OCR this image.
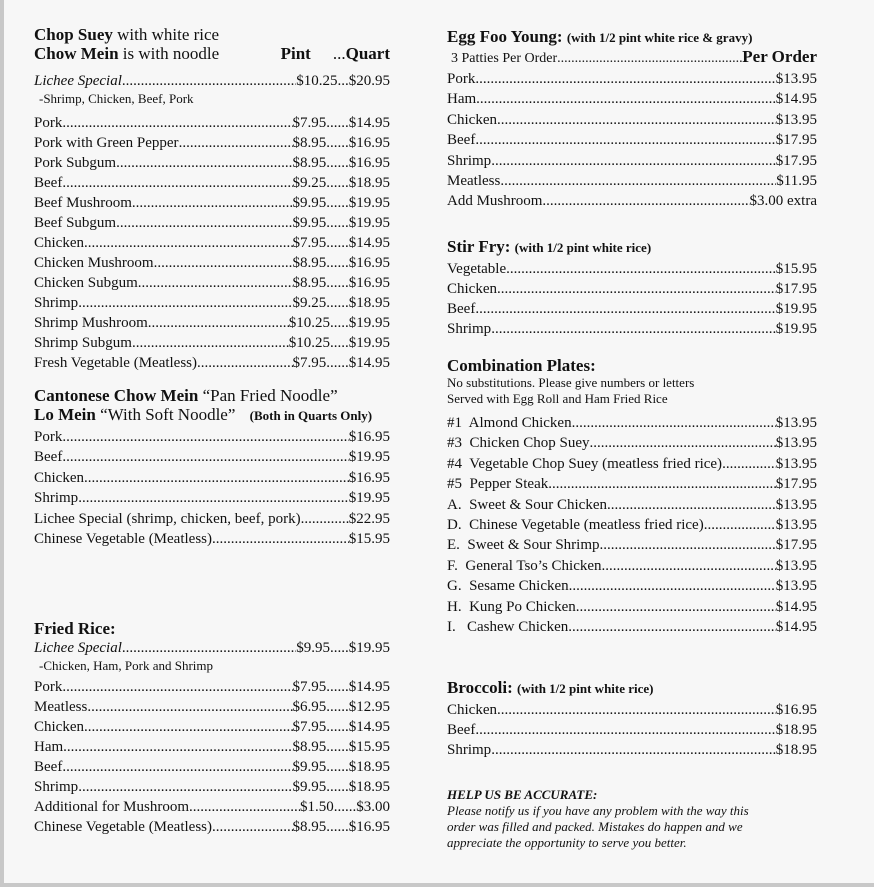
Chop Suey with white rice
Chow Mein
is with noodle	Pint ... Quart
Lichee Special .....	$10.25 ... $20.95
-Shrimp, Chicken, Beef, Pork
Pork .....	$7.95 ...... $14.95
Pork with Green Pepper .....	$8.95 ...... $16.95
Pork Subgum .....	$8.95 ...... $16.95
Beef .....	$9.25 ...... $18.95
Beef Mushroom .....	$9.95 ...... $19.95
Beef Subgum .....	$9.95 ...... $19.95
Chicken .....	$7.95 ...... $14.95
Chicken Mushroom .....	$8.95 ...... $16.95
Chicken Subgum .....	$8.95 ...... $16.95
Shrimp .....	$9.25 ...... $18.95
Shrimp Mushroom .....	$10.25 ..... $19.95
Shrimp Subgum .....	$10.25 ..... $19.95
Fresh Vegetable (Meatless) .....	$7.95 ...... $14.95
Cantonese Chow Mein “Pan Fried Noodle”
Lo Mein “With Soft Noodle” (Both in Quarts Only)
Pork .....	$16.95
Beef .....	$19.95
Chicken .....	$16.95
Shrimp .....	$19.95
Lichee Special (shrimp, chicken, beef, pork) .....	$22.95
Chinese Vegetable (Meatless) .....	$15.95
Fried Rice:
Lichee Special .....	$9.95 ..... $19.95
-Chicken, Ham, Pork and Shrimp
Pork .....	$7.95 ...... $14.95
Meatless .....	$6.95 ...... $12.95
Chicken .....	$7.95 ...... $14.95
Ham .....	$8.95 ...... $15.95
Beef .....	$9.95 ...... $18.95
Shrimp .....	$9.95 ...... $18.95
Additional for Mushroom .....	$1.50 ...... $3.00
Chinese Vegetable (Meatless) .....	$8.95 ...... $16.95
Egg Foo Young: (with 1/2 pint white rice & gravy)
3 Patties Per Order .....	Per Order
Pork .....	$13.95
Ham .....	$14.95
Chicken .....	$13.95
Beef .....	$17.95
Shrimp .....	$17.95
Meatless .....	$11.95
Add Mushroom .....	$3.00 extra
Stir Fry: (with 1/2 pint white rice)
Vegetable .....	$15.95
Chicken .....	$17.95
Beef .....	$19.95
Shrimp .....	$19.95
Combination Plates:
No substitutions. Please give numbers or letters
Served with Egg Roll and Ham Fried Rice
#1  Almond Chicken .....	$13.95
#3  Chicken Chop Suey .....	$13.95
#4  Vegetable Chop Suey (meatless fried rice) .....	$13.95
#5  Pepper Steak .....	$17.95
A.  Sweet & Sour Chicken .....	$13.95
D.  Chinese Vegetable (meatless fried rice) .....	$13.95
E.  Sweet & Sour Shrimp .....	$17.95
F.  General Tso’s Chicken .....	$13.95
G.  Sesame Chicken .....	$13.95
H.  Kung Po Chicken .....	$14.95
I.   Cashew Chicken .....	$14.95
Broccoli: (with 1/2 pint white rice)
Chicken .....	$16.95
Beef .....	$18.95
Shrimp .....	$18.95
HELP US BE ACCURATE:
Please notify us if you have any problem with the way this
order was filled and packed. Mistakes do happen and we
appreciate the opportunity to serve you better.
